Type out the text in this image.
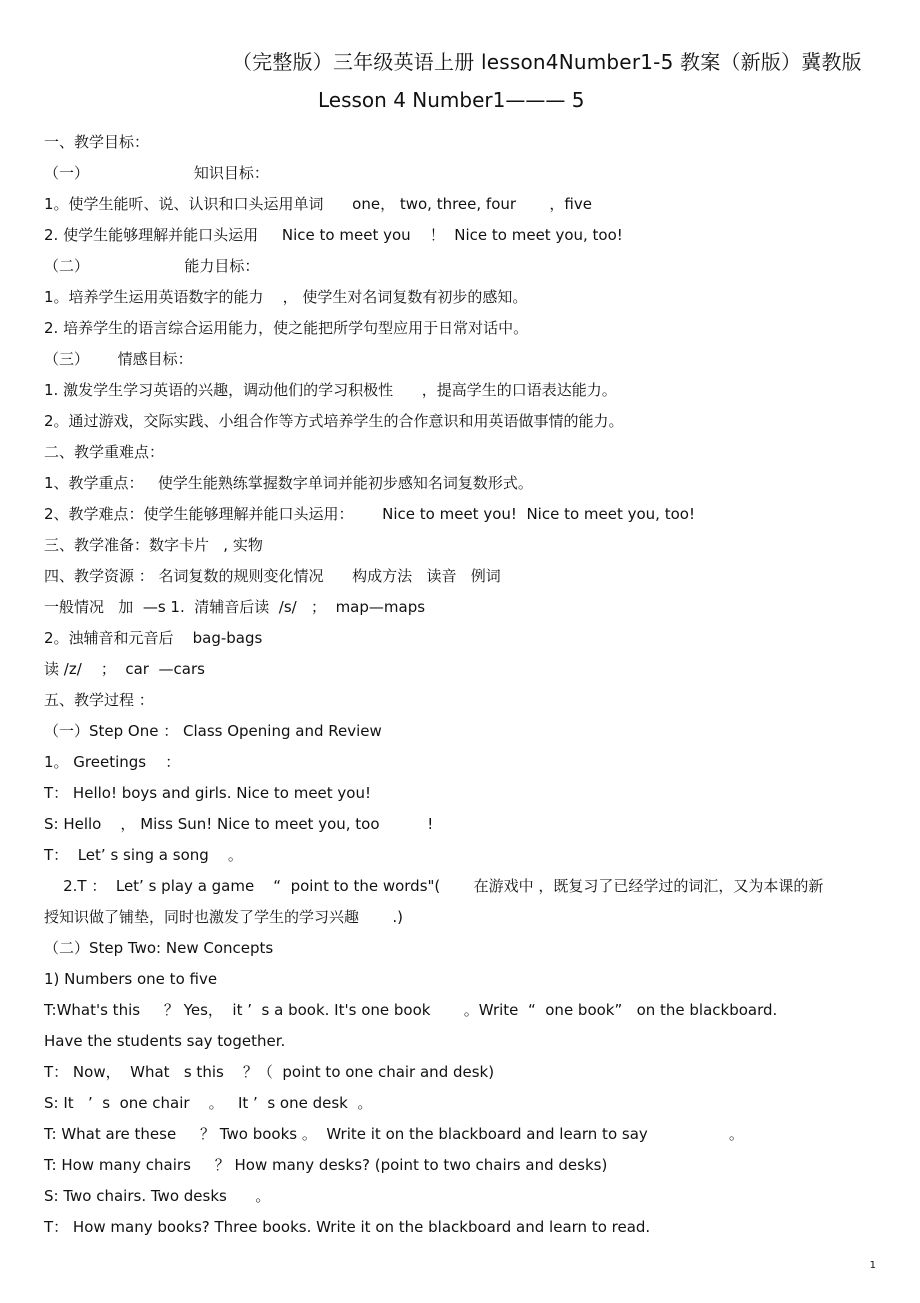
（完整版）三年级英语上册 lesson4Number1-5 教案（新版）冀教版
Lesson 4 Number1——— 5
一、教学目标：
（一）                      知识目标：
1。使学生能听、说、认识和口头运用单词      one， two, three, four       ，five
2. 使学生能够理解并能口头运用     Nice to meet you    ！  Nice to meet you, too!
（二）                    能力目标：
1。培养学生运用英语数字的能力    ， 使学生对名词复数有初步的感知。
2. 培养学生的语言综合运用能力，使之能把所学句型应用于日常对话中。
（三）      情感目标：
1. 激发学生学习英语的兴趣，调动他们的学习积极性      ，提高学生的口语表达能力。
2。通过游戏，交际实践、小组合作等方式培养学生的合作意识和用英语做事情的能力。
二、教学重难点：
1、教学重点：   使学生能熟练掌握数字单词并能初步感知名词复数形式。
2、教学难点：使学生能够理解并能口头运用：      Nice to meet you!  Nice to meet you, too!
三、教学准备：数字卡片   , 实物
四、教学资源 ： 名词复数的规则变化情况      构成方法   读音   例词
一般情况   加  —s 1.  清辅音后读  /s/   ；  map—maps
2。浊辅音和元音后    bag-bags
读 /z/    ；  car  —cars
五、教学过程 ：
（一）Step One ： Class Opening and Review
1。 Greetings    ：
T： Hello! boys and girls. Nice to meet you!
S: Hello    ， Miss Sun! Nice to meet you, too          !
T：  Let’ s sing a song    。
2.T ：  Let’ s play a game    “  point to the words"(       在游戏中 ，既复习了已经学过的词汇，又为本课的新
授知识做了铺垫，同时也激发了学生的学习兴趣       .)
（二）Step Two: New Concepts
1) Numbers one to five
T:What's this     ？ Yes，  it ’  s a book. It's one book       。Write  “  one book”   on the blackboard.
Have the students say together.
T： Now，  What   s this    ？（  point to one chair and desk)
S: It   ’  s  one chair    。   It ’  s one desk  。
T: What are these     ？ Two books 。  Write it on the blackboard and learn to say                 。
T: How many chairs     ？ How many desks? (point to two chairs and desks)
S: Two chairs. Two desks      。
T： How many books? Three books. Write it on the blackboard and learn to read.
1
